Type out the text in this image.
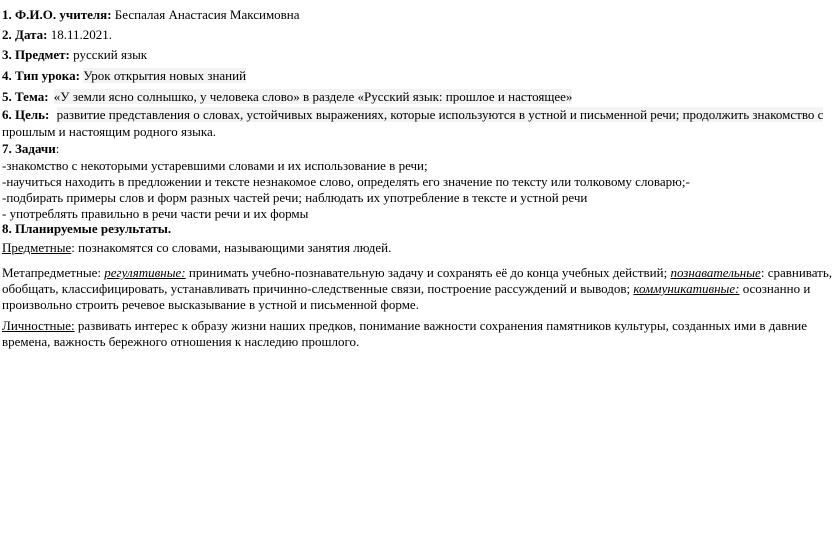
1. Ф.И.О. учителя: Беспалая Анастасия Максимовна
2. Дата: 18.11.2021.
3. Предмет: русский язык
4. Тип урока: Урок открытия новых знаний
5. Тема: «У земли ясно солнышко, у человека слово» в разделе «Русский язык: прошлое и настоящее»
6. Цель: развитие представления о словах, устойчивых выражениях, которые используются в устной и письменной речи; продолжить знакомство с
прошлым и настоящим родного языка.
7. Задачи:
-знакомство с некоторыми устаревшими словами и их использование в речи;
-научиться находить в предложении и тексте незнакомое слово, определять его значение по тексту или толковому словарю;-
-подбирать примеры слов и форм разных частей речи; наблюдать их употребление в тексте и устной речи
- употреблять правильно в речи части речи и их формы
8. Планируемые результаты.
Предметные: познакомятся со словами, называющими занятия людей.
Метапредметные: регулятивные: принимать учебно-познавательную задачу и сохранять её до конца учебных действий; познавательные: сравнивать,
обобщать, классифицировать, устанавливать причинно-следственные связи, построение рассуждений и выводов; коммуникативные: осознанно и
произвольно строить речевое высказывание в устной и письменной форме.
Личностные: развивать интерес к образу жизни наших предков, понимание важности сохранения памятников культуры, созданных ими в давние
времена, важность бережного отношения к наследию прошлого.
